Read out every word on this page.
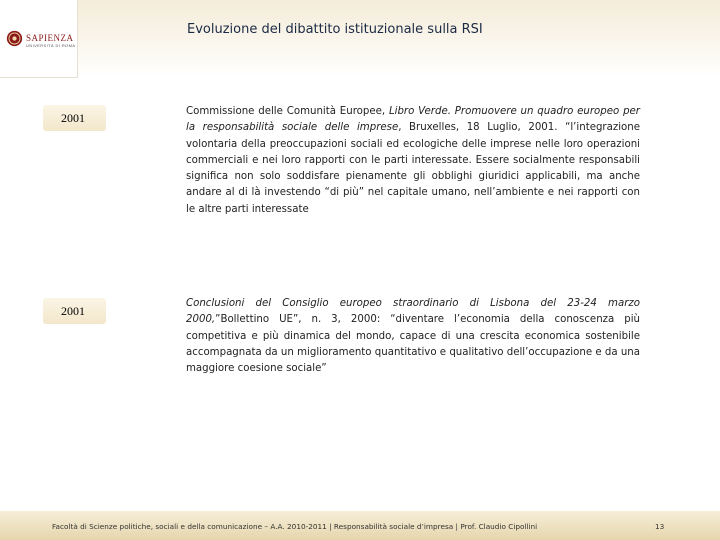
SAPIENZA
UNIVERSITÀ DI ROMA
Evoluzione del dibattito istituzionale sulla RSI
2001	Commissione delle Comunità Europee, Libro Verde. Promuovere un quadro europeo per la responsabilità sociale delle imprese, Bruxelles, 18 Luglio, 2001. “l’integrazione volontaria della preoccupazioni sociali ed ecologiche delle imprese nelle loro operazioni commerciali e nei loro rapporti con le parti interessate. Essere socialmente responsabili significa non solo soddisfare pienamente gli obblighi giuridici applicabili, ma anche andare al di là investendo “di più” nel capitale umano, nell’ambiente e nei rapporti con le altre parti interessate

2001

Conclusioni del Consiglio europeo straordinario di Lisbona del 23-24 marzo 2000,”Bollettino UE”, n. 3, 2000: “diventare l’economia della conoscenza più competitiva e più dinamica del mondo, capace di una crescita economica sostenibile accompagnata da un miglioramento quantitativo e qualitativo dell’occupazione e da una maggiore coesione sociale”

Facoltà di Scienze politiche, sociali e della comunicazione – A.A. 2010-2011 | Responsabilità sociale d’impresa | Prof. Claudio Cipollini	13
